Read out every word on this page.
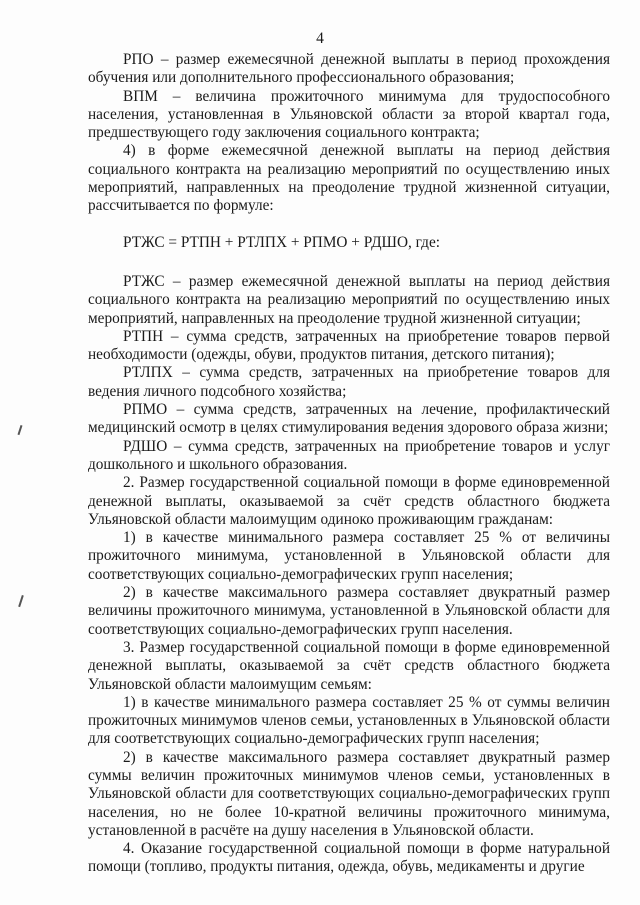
4

РПО – размер ежемесячной денежной выплаты в период прохождения обучения или дополнительного профессионального образования;

ВПМ – величина прожиточного минимума для трудоспособного населения, установленная в Ульяновской области за второй квартал года, предшествующего году заключения социального контракта;

4) в форме ежемесячной денежной выплаты на период действия социального контракта на реализацию мероприятий по осуществлению иных мероприятий, направленных на преодоление трудной жизненной ситуации, рассчитывается по формуле:

РТЖС = РТПН + РТЛПХ + РПМО + РДШО, где:

РТЖС – размер ежемесячной денежной выплаты на период действия социального контракта на реализацию мероприятий по осуществлению иных мероприятий, направленных на преодоление трудной жизненной ситуации;

РТПН – сумма средств, затраченных на приобретение товаров первой необходимости (одежды, обуви, продуктов питания, детского питания);

РТЛПХ – сумма средств, затраченных на приобретение товаров для ведения личного подсобного хозяйства;

РПМО – сумма средств, затраченных на лечение, профилактический медицинский осмотр в целях стимулирования ведения здорового образа жизни;

РДШО – сумма средств, затраченных на приобретение товаров и услуг дошкольного и школьного образования.

2. Размер государственной социальной помощи в форме единовременной денежной выплаты, оказываемой за счёт средств областного бюджета Ульяновской области малоимущим одиноко проживающим гражданам:

1) в качестве минимального размера составляет 25 % от величины прожиточного минимума, установленной в Ульяновской области для соответствующих социально-демографических групп населения;

2) в качестве максимального размера составляет двукратный размер величины прожиточного минимума, установленной в Ульяновской области для соответствующих социально-демографических групп населения.

3. Размер государственной социальной помощи в форме единовременной денежной выплаты, оказываемой за счёт средств областного бюджета Ульяновской области малоимущим семьям:

1) в качестве минимального размера составляет 25 % от суммы величин прожиточных минимумов членов семьи, установленных в Ульяновской области для соответствующих социально-демографических групп населения;

2) в качестве максимального размера составляет двукратный размер суммы величин прожиточных минимумов членов семьи, установленных в Ульяновской области для соответствующих социально-демографических групп населения, но не более 10-кратной величины прожиточного минимума, установленной в расчёте на душу населения в Ульяновской области.

4. Оказание государственной социальной помощи в форме натуральной помощи (топливо, продукты питания, одежда, обувь, медикаменты и другие
